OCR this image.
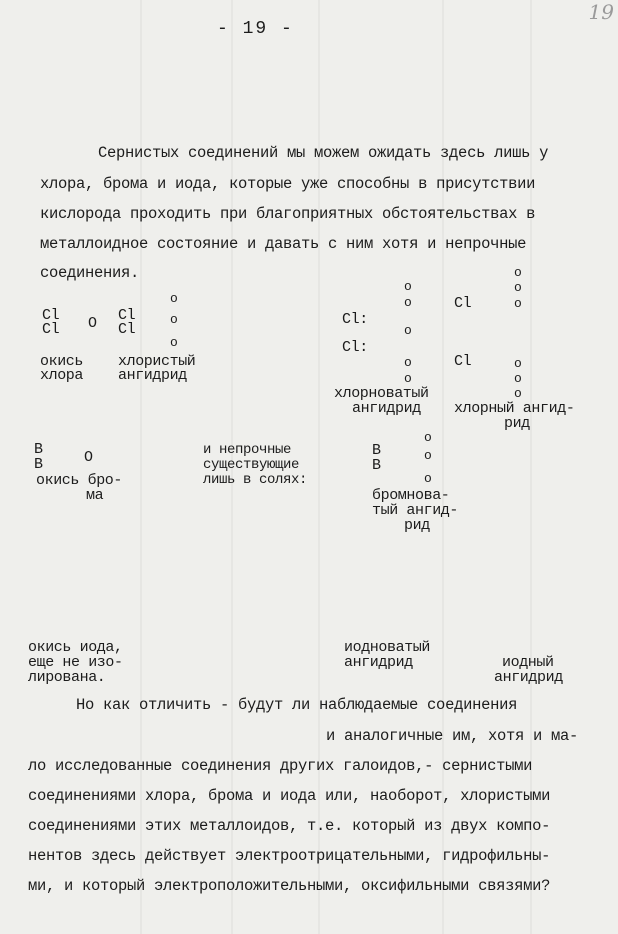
- 19 -
19
Сернистых соединений мы можем ожидать здесь лишь у
хлора, брома и иода, которые уже способны в присутствии
кислорода проходить при благоприятных обстоятельствах в
металлоидное состояние и давать с ним хотя и непрочные
соединения.
Cl
Cl O Cl
Cl
o
o
o
окись
хлора
хлористый
ангидрид
o
o
Cl:
o
Cl:
o
o
o
o
Cl	o
Cl	o
o
o
хлорноватый
ангидрид хлорный ангид-
рид
B
B	O
окись бро-
ма
и непрочные
существующие
лишь в солях:
o
B	o
B
o
бромнова-
тый ангид-
рид
окись иода,
еще не изо-
лирована.
иодноватый
ангидрид	иодный
ангидрид
Но как отличить - будут ли наблюдаемые соединения
и аналогичные им, хотя и ма-
ло исследованные соединения других галоидов,- сернистыми
соединениями хлора, брома и иода или, наоборот, хлористыми
соединениями этих металлоидов, т.е. который из двух компо-
нентов здесь действует электроотрицательными, гидрофильны-
ми, и который электроположительными, оксифильными связями?
